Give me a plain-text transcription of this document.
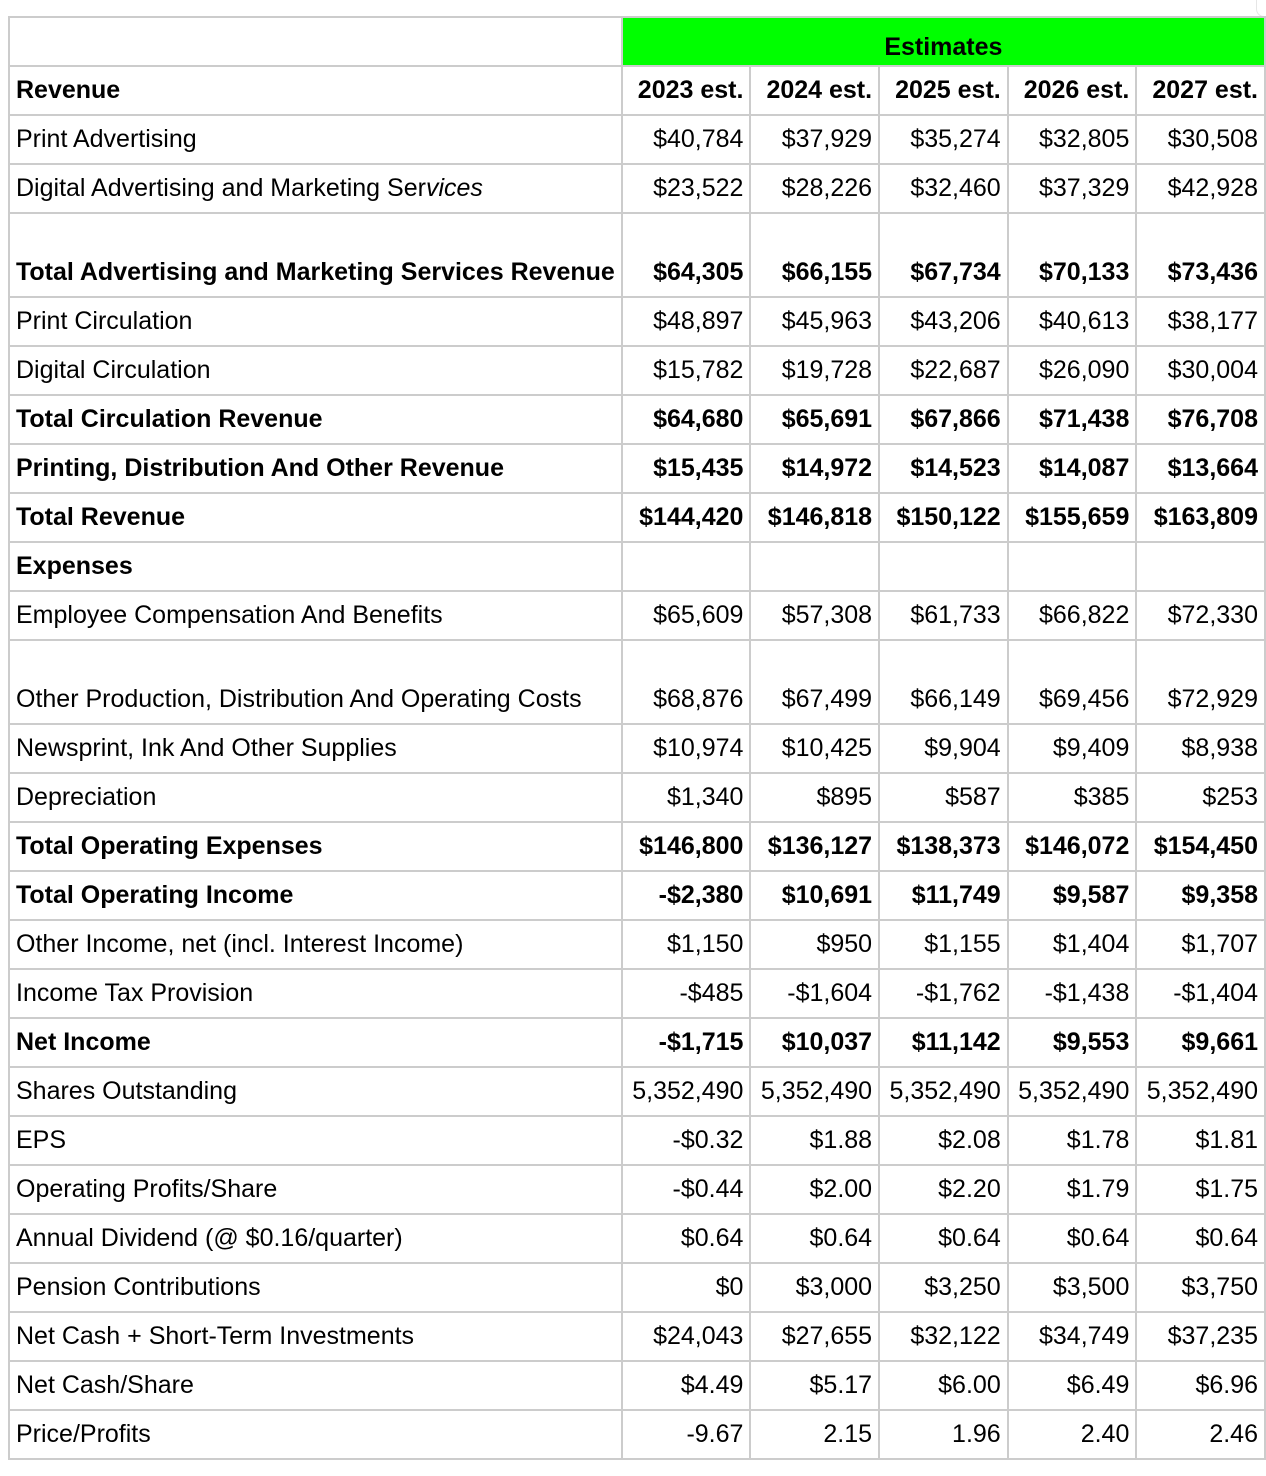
	Estimates				
Revenue	2023 est.	2024 est.	2025 est.	2026 est.	2027 est.
Print Advertising	$40,784	$37,929	$35,274	$32,805	$30,508
Digital Advertising and Marketing Services	$23,522	$28,226	$32,460	$37,329	$42,928
Total Advertising and Marketing Services Revenue	$64,305	$66,155	$67,734	$70,133	$73,436
Print Circulation	$48,897	$45,963	$43,206	$40,613	$38,177
Digital Circulation	$15,782	$19,728	$22,687	$26,090	$30,004
Total Circulation Revenue	$64,680	$65,691	$67,866	$71,438	$76,708
Printing, Distribution And Other Revenue	$15,435	$14,972	$14,523	$14,087	$13,664
Total Revenue	$144,420	$146,818	$150,122	$155,659	$163,809
Expenses					
Employee Compensation And Benefits	$65,609	$57,308	$61,733	$66,822	$72,330
Other Production, Distribution And Operating Costs	$68,876	$67,499	$66,149	$69,456	$72,929
Newsprint, Ink And Other Supplies	$10,974	$10,425	$9,904	$9,409	$8,938
Depreciation	$1,340	$895	$587	$385	$253
Total Operating Expenses	$146,800	$136,127	$138,373	$146,072	$154,450
Total Operating Income	-$2,380	$10,691	$11,749	$9,587	$9,358
Other Income, net (incl. Interest Income)	$1,150	$950	$1,155	$1,404	$1,707
Income Tax Provision	-$485	-$1,604	-$1,762	-$1,438	-$1,404
Net Income	-$1,715	$10,037	$11,142	$9,553	$9,661
Shares Outstanding	5,352,490	5,352,490	5,352,490	5,352,490	5,352,490
EPS	-$0.32	$1.88	$2.08	$1.78	$1.81
Operating Profits/Share	-$0.44	$2.00	$2.20	$1.79	$1.75
Annual Dividend (@ $0.16/quarter)	$0.64	$0.64	$0.64	$0.64	$0.64
Pension Contributions	$0	$3,000	$3,250	$3,500	$3,750
Net Cash + Short-Term Investments	$24,043	$27,655	$32,122	$34,749	$37,235
Net Cash/Share	$4.49	$5.17	$6.00	$6.49	$6.96
Price/Profits	-9.67	2.15	1.96	2.40	2.46
